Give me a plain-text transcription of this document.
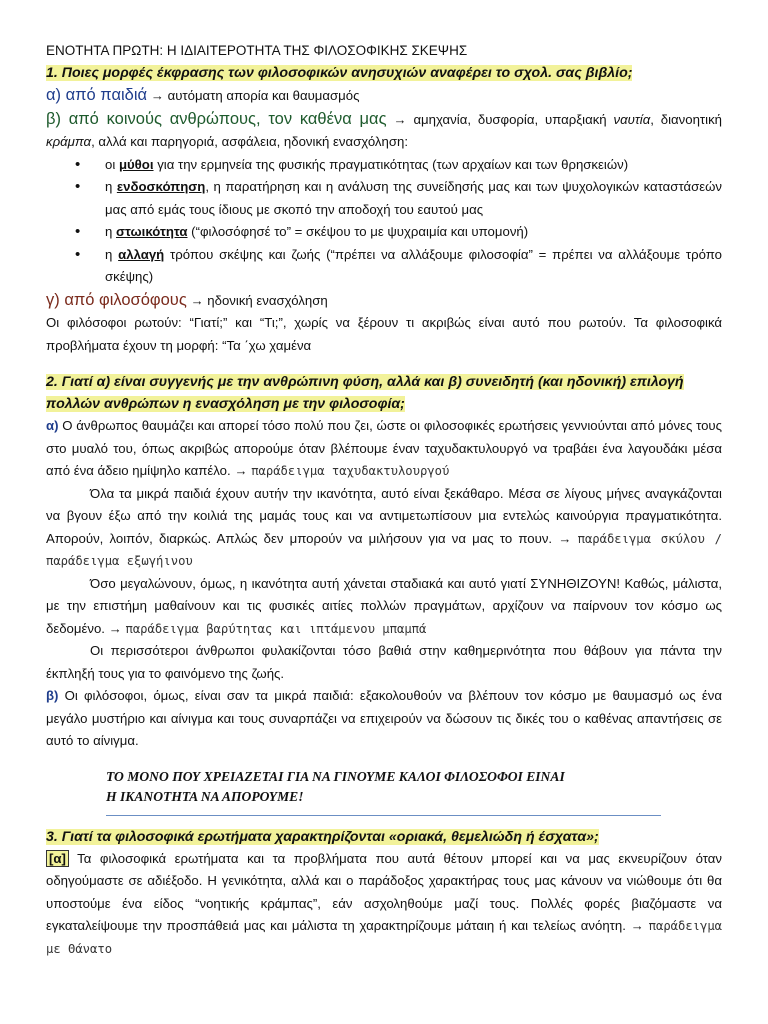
ΕΝΟΤΗΤΑ ΠΡΩΤΗ: Η ΙΔΙΑΙΤΕΡΟΤΗΤΑ ΤΗΣ ΦΙΛΟΣΟΦΙΚΗΣ ΣΚΕΨΗΣ

1. Ποιες μορφές έκφρασης των φιλοσοφικών ανησυχιών αναφέρει το σχολ. σας βιβλίο;

α) από παιδιά → αυτόματη απορία και θαυμασμός

β) από κοινούς ανθρώπους, τον καθένα μας → αμηχανία, δυσφορία, υπαρξιακή ναυτία, διανοητική κράμπα, αλλά και παρηγοριά, ασφάλεια, ηδονική ενασχόληση:

• οι μύθοι για την ερμηνεία της φυσικής πραγματικότητας (των αρχαίων και των θρησκειών)
• η ενδοσκόπηση, η παρατήρηση και η ανάλυση της συνείδησής μας και των ψυχολογικών καταστάσεών μας από εμάς τους ίδιους με σκοπό την αποδοχή του εαυτού μας
• η στωικότητα (“φιλοσόφησέ το” = σκέψου το με ψυχραιμία και υπομονή)
• η αλλαγή τρόπου σκέψης και ζωής (“πρέπει να αλλάξουμε φιλοσοφία” = πρέπει να αλλάξουμε τρόπο σκέψης)

γ) από φιλοσόφους → ηδονική ενασχόληση

Οι φιλόσοφοι ρωτούν: “Γιατί;” και “Τι;”, χωρίς να ξέρουν τι ακριβώς είναι αυτό που ρωτούν. Τα φιλοσοφικά προβλήματα έχουν τη μορφή: “Τα ΄χω χαμένα

2. Γιατί α) είναι συγγενής με την ανθρώπινη φύση, αλλά και β) συνειδητή (και ηδονική) επιλογή πολλών ανθρώπων η ενασχόληση με την φιλοσοφία;

α) Ο άνθρωπος θαυμάζει και απορεί τόσο πολύ που ζει, ώστε οι φιλοσοφικές ερωτήσεις γεννιούνται από μόνες τους στο μυαλό του, όπως ακριβώς απορούμε όταν βλέπουμε έναν ταχυδακτυλουργό να τραβάει ένα λαγουδάκι μέσα από ένα άδειο ημίψηλο καπέλο. → παράδειγμα ταχυδακτυλουργού

Όλα τα μικρά παιδιά έχουν αυτήν την ικανότητα, αυτό είναι ξεκάθαρο. Μέσα σε λίγους μήνες αναγκάζονται να βγουν έξω από την κοιλιά της μαμάς τους και να αντιμετωπίσουν μια εντελώς καινούργια πραγματικότητα. Απορούν, λοιπόν, διαρκώς. Απλώς δεν μπορούν να μιλήσουν για να μας το πουν. → παράδειγμα σκύλου / παράδειγμα εξωγήινου

Όσο μεγαλώνουν, όμως, η ικανότητα αυτή χάνεται σταδιακά και αυτό γιατί ΣΥΝΗΘΙΖΟΥΝ! Καθώς, μάλιστα, με την επιστήμη μαθαίνουν και τις φυσικές αιτίες πολλών πραγμάτων, αρχίζουν να παίρνουν τον κόσμο ως δεδομένο. → παράδειγμα βαρύτητας και ιπτάμενου μπαμπά

Οι περισσότεροι άνθρωποι φυλακίζονται τόσο βαθιά στην καθημερινότητα που θάβουν για πάντα την έκπληξή τους για το φαινόμενο της ζωής.

β) Οι φιλόσοφοι, όμως, είναι σαν τα μικρά παιδιά: εξακολουθούν να βλέπουν τον κόσμο με θαυμασμό ως ένα μεγάλο μυστήριο και αίνιγμα και τους συναρπάζει να επιχειρούν να δώσουν τις δικές του ο καθένας απαντήσεις σε αυτό το αίνιγμα.

ΤΟ ΜΟΝΟ ΠΟΥ ΧΡΕΙΑΖΕΤΑΙ ΓΙΑ ΝΑ ΓΙΝΟΥΜΕ ΚΑΛΟΙ ΦΙΛΟΣΟΦΟΙ ΕΙΝΑΙ
Η ΙΚΑΝΟΤΗΤΑ ΝΑ ΑΠΟΡΟΥΜΕ!

3. Γιατί τα φιλοσοφικά ερωτήματα χαρακτηρίζονται «οριακά, θεμελιώδη ή έσχατα»;

[α] Τα φιλοσοφικά ερωτήματα και τα προβλήματα που αυτά θέτουν μπορεί και να μας εκνευρίζουν όταν οδηγούμαστε σε αδιέξοδο. Η γενικότητα, αλλά και ο παράδοξος χαρακτήρας τους μας κάνουν να νιώθουμε ότι θα υποστούμε ένα είδος “νοητικής κράμπας”, εάν ασχοληθούμε μαζί τους. Πολλές φορές βιαζόμαστε να εγκαταλείψουμε την προσπάθειά μας και μάλιστα τη χαρακτηρίζουμε μάταιη ή και τελείως ανόητη. → παράδειγμα με Θάνατο
